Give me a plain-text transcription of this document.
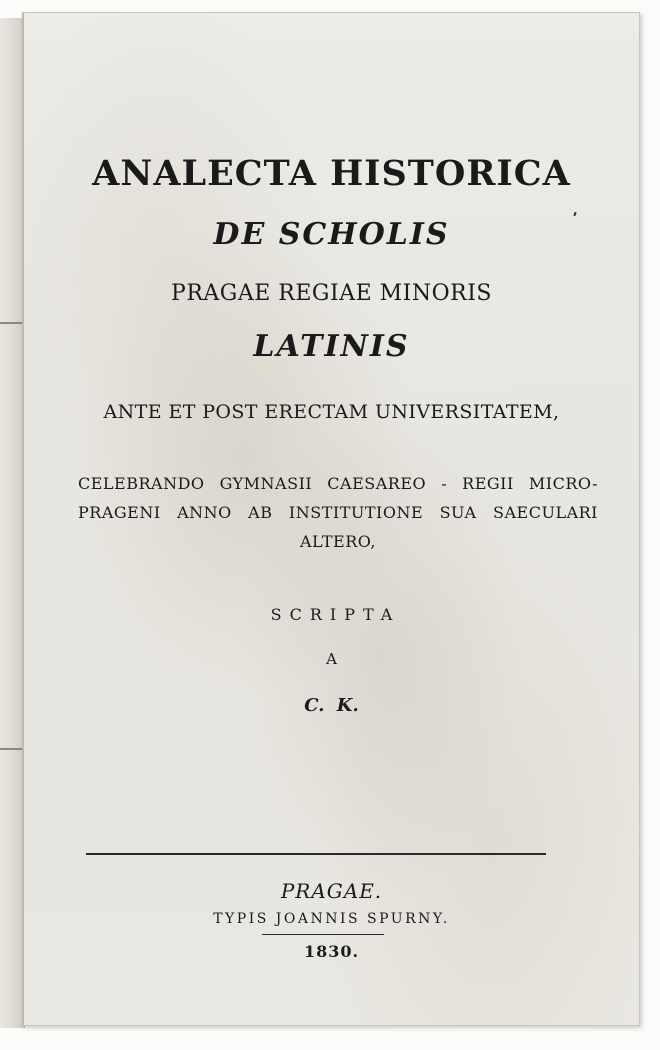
ANALECTA HISTORICA

DE SCHOLIS

PRAGAE REGIAE MINORIS

LATINIS

ANTE ET POST ERECTAM UNIVERSITATEM,

CELEBRANDO GYMNASII CAESAREO - REGII MICRO-
PRAGENI ANNO AB INSTITUTIONE SUA SAECULARI
ALTERO,

SCRIPTA

A

C. K.

PRAGAE.

TYPIS JOANNIS SPURNY.

1830.
